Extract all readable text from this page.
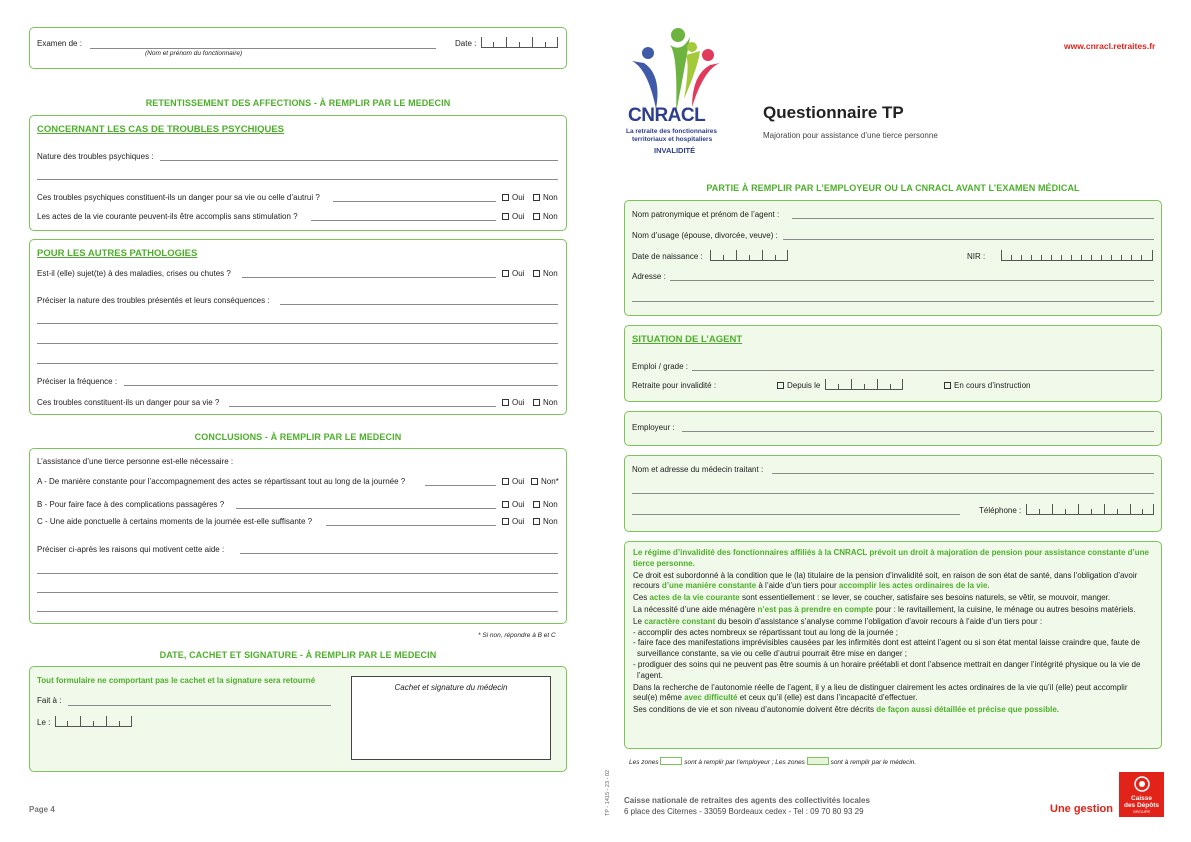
Examen de :
(Nom et prénom du fonctionnaire)
Date :
RETENTISSEMENT DES AFFECTIONS - À REMPLIR PAR LE MEDECIN
CONCERNANT LES CAS DE TROUBLES PSYCHIQUES
Nature des troubles psychiques :
Ces troubles psychiques constituent-ils un danger pour sa vie ou celle d’autrui ?	Oui	Non
Les actes de la vie courante peuvent-ils être accomplis sans stimulation ?	Oui	Non
POUR LES AUTRES PATHOLOGIES
Est-il (elle) sujet(te) à des maladies, crises ou chutes ?	Oui	Non
Préciser la nature des troubles présentés et leurs conséquences :
Préciser la fréquence :
Ces troubles constituent-ils un danger pour sa vie ?	Oui	Non
CONCLUSIONS - À REMPLIR PAR LE MEDECIN
L’assistance d’une tierce personne est-elle nécessaire :
A - De manière constante pour l’accompagnement des actes se répartissant tout au long de la journée ?	Oui	Non*
B - Pour faire face à des complications passagères ?	Oui	Non
C - Une aide ponctuelle à certains moments de la journée est-elle suffisante ?	Oui	Non
Préciser ci-après les raisons qui motivent cette aide :
* Si non, répondre à B et C
DATE, CACHET ET SIGNATURE - À REMPLIR PAR LE MEDECIN
Tout formulaire ne comportant pas le cachet et la signature sera retourné
Fait à :
Le :
Cachet et signature du médecin
Page 4
www.cnracl.retraites.fr
CNRACL
La retraite des fonctionnaires
territoriaux et hospitaliers
INVALIDITÉ
Questionnaire TP
Majoration pour assistance d’une tierce personne
PARTIE À REMPLIR PAR L’EMPLOYEUR OU LA CNRACL AVANT L’EXAMEN MÉDICAL
Nom patronymique et prénom de l’agent :
Nom d’usage (épouse, divorcée, veuve) :
Date de naissance :	NIR :
Adresse :
SITUATION DE L’AGENT
Emploi / grade :
Retraite pour invalidité :	Depuis le	En cours d’instruction
Employeur :
Nom et adresse du médecin traitant :
Téléphone :

Le régime d’invalidité des fonctionnaires affiliés à la CNRACL prévoit un droit à majoration de pension pour assistance constante d’une tierce personne.

Ce droit est subordonné à la condition que le (la) titulaire de la pension d’invalidité soit, en raison de son état de santé, dans l’obligation d’avoir recours d’une manière constante à l’aide d’un tiers pour accomplir les actes ordinaires de la vie.

Ces actes de la vie courante sont essentiellement : se lever, se coucher, satisfaire ses besoins naturels, se vêtir, se mouvoir, manger.

La nécessité d’une aide ménagère n’est pas à prendre en compte pour : le ravitaillement, la cuisine, le ménage ou autres besoins matériels.

Le caractère constant du besoin d’assistance s’analyse comme l’obligation d’avoir recours à l’aide d’un tiers pour :

- accomplir des actes nombreux se répartissant tout au long de la journée ;

- faire face des manifestations imprévisibles causées par les infirmités dont est atteint l’agent ou si son état mental laisse craindre que, faute de surveillance constante, sa vie ou celle d’autrui pourrait être mise en danger ;

- prodiguer des soins qui ne peuvent pas être soumis à un horaire préétabli et dont l’absence mettrait en danger l’intégrité physique ou la vie de l’agent.

Dans la recherche de l’autonomie réelle de l’agent, il y a lieu de distinguer clairement les actes ordinaires de la vie qu’il (elle) peut accomplir seul(e) même avec difficulté et ceux qu’il (elle) est dans l’incapacité d’effectuer.

Ses conditions de vie et son niveau d’autonomie doivent être décrits de façon aussi détaillée et précise que possible.

Les zones	sont à remplir par l’employeur ; Les zones	sont à remplir par le médecin.
TP - 1415 - 23 - 02 Caisse nationale de retraites des agents des collectivités locales
6 place des Citernes - 33059 Bordeaux cedex - Tel : 09 70 80 93 29	Une gestion
Caisse
des Dépôts
GROUPE
